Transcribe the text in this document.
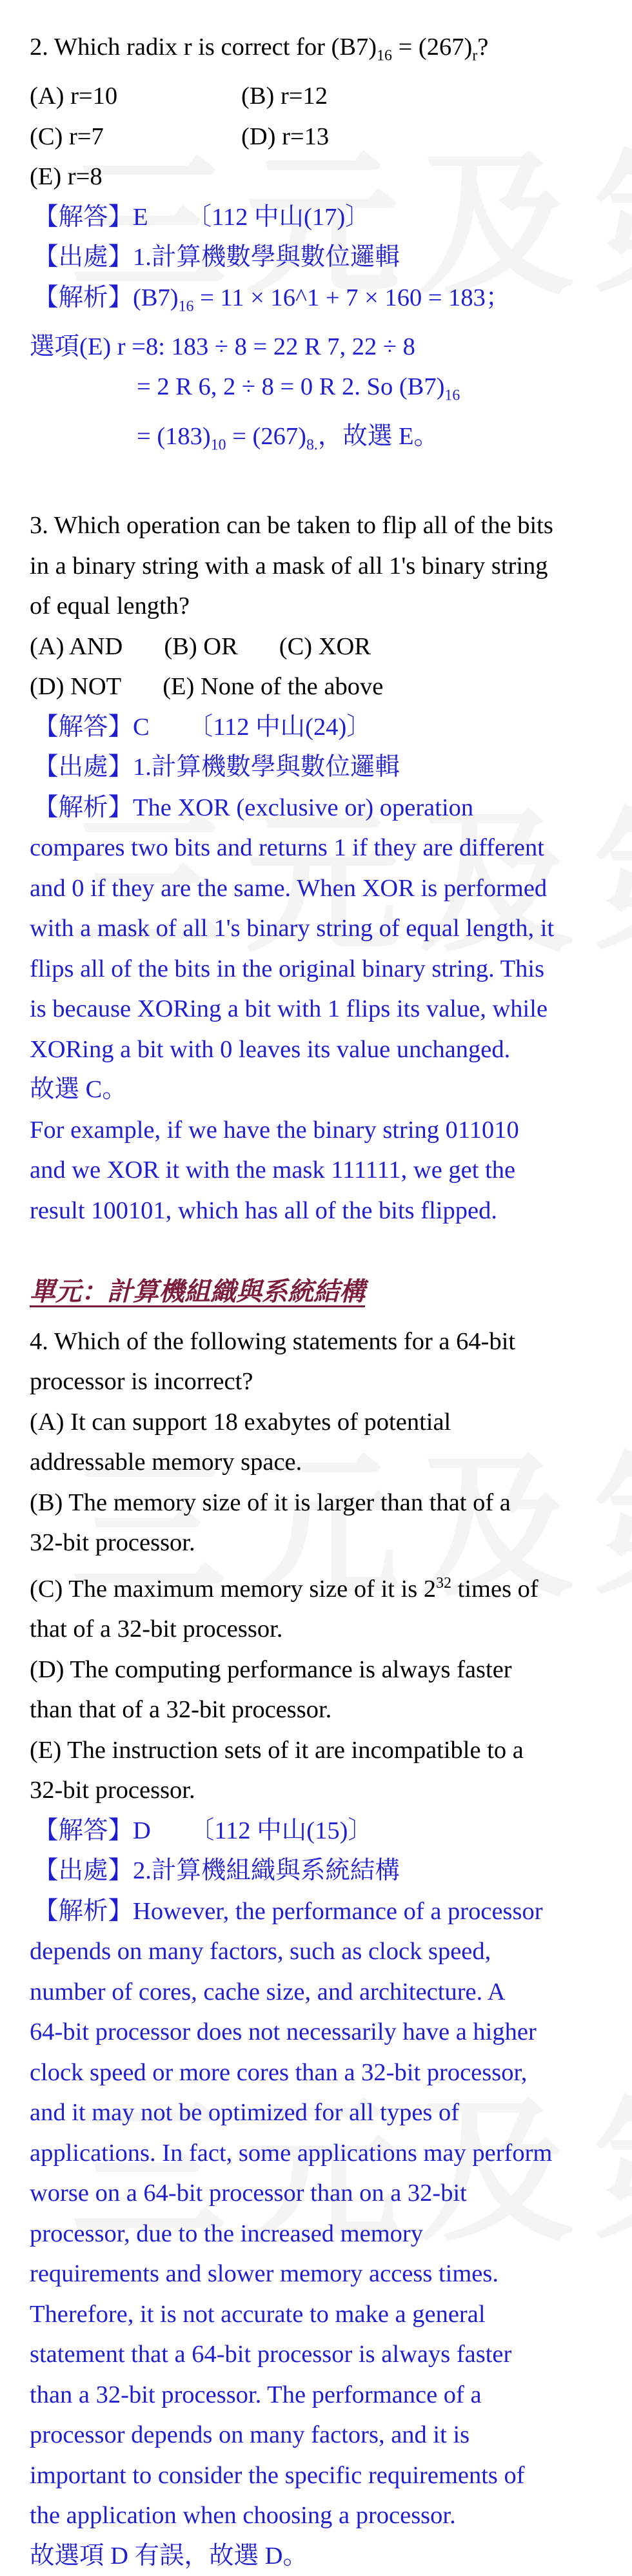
2. Which radix r is correct for $(B7)_{16} = (267)_r$?
(A) r=10	(B) r=12
(C) r=7	(D) r=13
(E) r=8
【解答】E 〔112 中山(17)〕
【出處】1.計算機數學與數位邏輯
【解析】$(B7)_{16} = 11$ × 16^1 + 7 × 160 = 183；
選項(E) r =8: 183 ÷ 8 = 22 R 7, 22 ÷ 8
= 2 R 6, 2 ÷ 8 = 0 R 2. So $(B7)_{16}$
= $(183)_{10} = (267)_{8.}$，故選 E。
3. Which operation can be taken to flip all of the bits
in a binary string with a mask of all 1's binary string
of equal length?
(A) AND (B) OR (C) XOR
(D) NOT (E) None of the above
【解答】C 〔112 中山(24)〕
【出處】1.計算機數學與數位邏輯
【解析】The XOR (exclusive or) operation
compares two bits and returns 1 if they are different
and 0 if they are the same. When XOR is performed
with a mask of all 1's binary string of equal length, it
flips all of the bits in the original binary string. This
is because XORing a bit with 1 flips its value, while
XORing a bit with 0 leaves its value unchanged.
故選 C。
For example, if we have the binary string 011010
and we XOR it with the mask 111111, we get the
result 100101, which has all of the bits flipped.
單元：計算機組織與系統結構
4. Which of the following statements for a 64-bit
processor is incorrect?
(A) It can support 18 exabytes of potential
addressable memory space.
(B) The memory size of it is larger than that of a
32-bit processor.
(C) The maximum memory size of it is $2^{32}$ times of
that of a 32-bit processor.
(D) The computing performance is always faster
than that of a 32-bit processor.
(E) The instruction sets of it are incompatible to a
32-bit processor.
【解答】D 〔112 中山(15)〕
【出處】2.計算機組織與系統結構
【解析】However, the performance of a processor
depends on many factors, such as clock speed,
number of cores, cache size, and architecture. A
64-bit processor does not necessarily have a higher
clock speed or more cores than a 32-bit processor,
and it may not be optimized for all types of
applications. In fact, some applications may perform
worse on a 64-bit processor than on a 32-bit
processor, due to the increased memory
requirements and slower memory access times.
Therefore, it is not accurate to make a general
statement that a 64-bit processor is always faster
than a 32-bit processor. The performance of a
processor depends on many factors, and it is
important to consider the specific requirements of
the application when choosing a processor.
故選項 D 有誤，故選 D。
